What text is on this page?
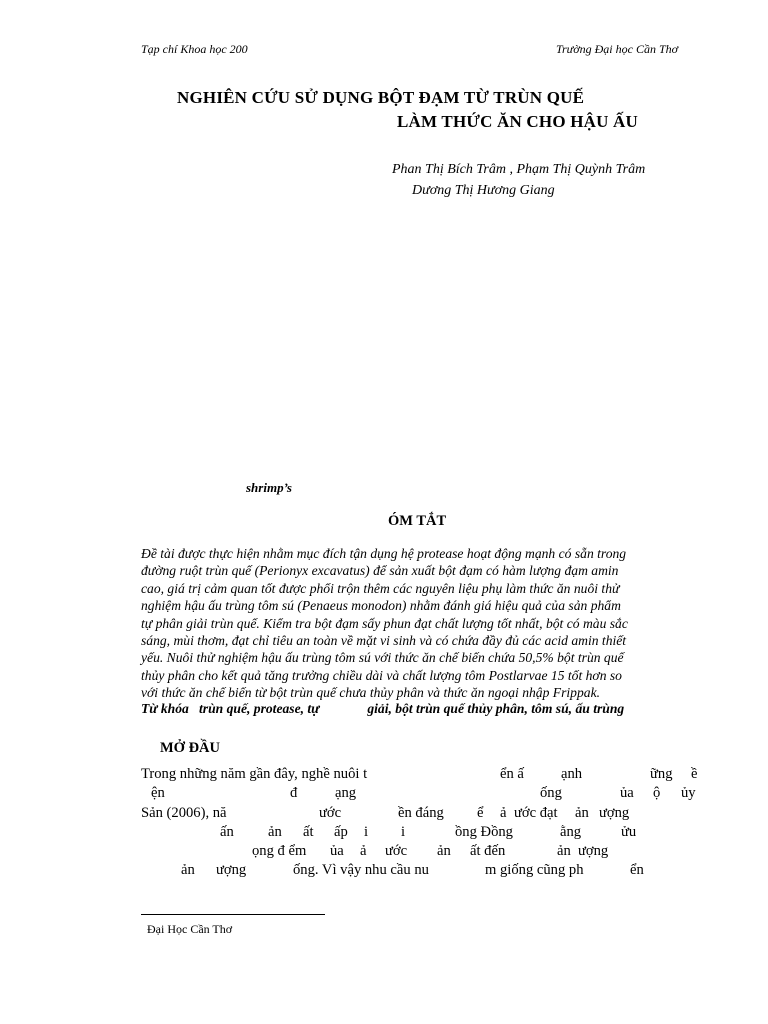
Tạp chí Khoa học 200	Trường Đại học Cần Thơ
NGHIÊN CỨU SỬ DỤNG BỘT ĐẠM TỪ TRÙN QUẾ
LÀM THỨC ĂN CHO HẬU ẤU
Phan Thị Bích Trâm , Phạm Thị Quỳnh Trâm
Dương Thị Hương Giang
shrimp’s
ÓM TẮT
Đề tài được thực hiện nhằm mục đích tận dụng hệ protease hoạt động mạnh có sẵn trong
đường ruột trùn quế (Perionyx excavatus) để sản xuất bột đạm có hàm lượng đạm amin
cao, giá trị cảm quan tốt được phối trộn thêm các nguyên liệu phụ làm thức ăn nuôi thử
nghiệm hậu ấu trùng tôm sú (Penaeus monodon) nhằm đánh giá hiệu quả của sản phẩm
tự phân giải trùn quế. Kiểm tra bột đạm sấy phun đạt chất lượng tốt nhất, bột có màu sắc
sáng, mùi thơm, đạt chỉ tiêu an toàn về mặt vi sinh và có chứa đầy đủ các acid amin thiết
yếu. Nuôi thử nghiệm hậu ấu trùng tôm sú với thức ăn chế biến chứa 50,5% bột trùn quế
thủy phân cho kết quả tăng trưởng chiều dài và chất lượng tôm Postlarvae 15 tốt hơn so
với thức ăn chế biến từ bột trùn quế chưa thủy phân và thức ăn ngoại nhập Frippak.
Từ khóa trùn quế, protease, tự	giải, bột trùn quế thủy phân, tôm sú, ấu trùng
MỞ ĐẦU
Trong những năm gần đây, nghề nuôi t	ển ấ	ạnh	ững ề
ện	đ	ạng	ống	ủa ộ ủy
Sản (2006), nă	ước	ền đáng ể ả ước đạt ản ượng
ấn ản ất ấp i i	ồng Đồng	ằng	ửu
ọng đ ểm ủa ả ước ản ất đến	ản ượng
ản ượng	ống. Vì vậy nhu cầu nu	m giống cũng ph	ển
Đại Học Cần Thơ
